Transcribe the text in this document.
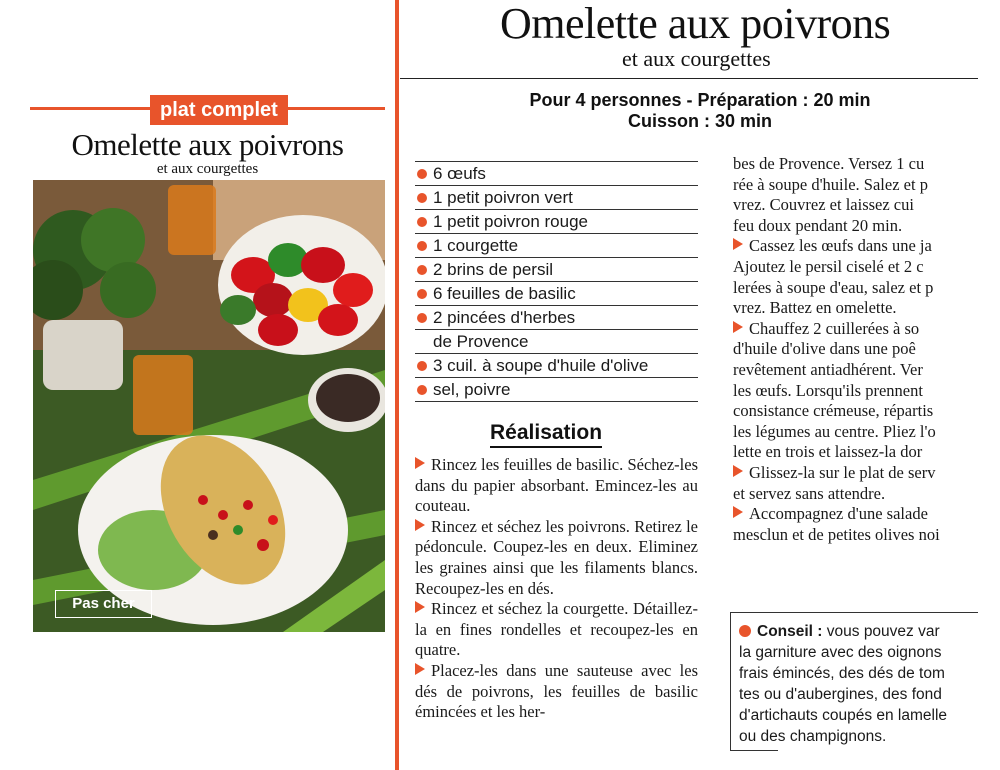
plat complet
Omelette aux poivrons
et aux courgettes
Pas cher
Omelette aux poivrons
et aux courgettes
Pour 4 personnes - Préparation : 20 min
Cuisson : 30 min
6 œufs
1 petit poivron vert
1 petit poivron rouge
1 courgette
2 brins de persil
6 feuilles de basilic
2 pincées d'herbes
de Provence
3 cuil. à soupe d'huile d'olive
sel, poivre
Réalisation

Rincez les feuilles de basilic. Séchez-les dans du papier absorbant. Emincez-les au couteau.

Rincez et séchez les poivrons. Retirez le pédoncule. Coupez-les en deux. Eliminez les graines ainsi que les filaments blancs. Recoupez-les en dés.

Rincez et séchez la courgette. Détaillez-la en fines rondelles et recoupez-les en quatre.

Placez-les dans une sauteuse avec les dés de poivrons, les feuilles de basilic émincées et les her-

bes de Provence. Versez 1 cu
rée à soupe d'huile. Salez et p
vrez. Couvrez et laissez cui
feu doux pendant 20 min.
Cassez les œufs dans une ja
Ajoutez le persil ciselé et 2 c
lerées à soupe d'eau, salez et p
vrez. Battez en omelette.
Chauffez 2 cuillerées à so
d'huile d'olive dans une poê
revêtement antiadhérent. Ver
les œufs. Lorsqu'ils prennent
consistance crémeuse, répartis
les légumes au centre. Pliez l'o
lette en trois et laissez-la dor
Glissez-la sur le plat de serv
et servez sans attendre.
Accompagnez d'une salade
mesclun et de petites olives noi
Conseil : vous pouvez var
la garniture avec des oignons
frais émincés, des dés de tom
tes ou d'aubergines, des fond
d'artichauts coupés en lamelle
ou des champignons.
